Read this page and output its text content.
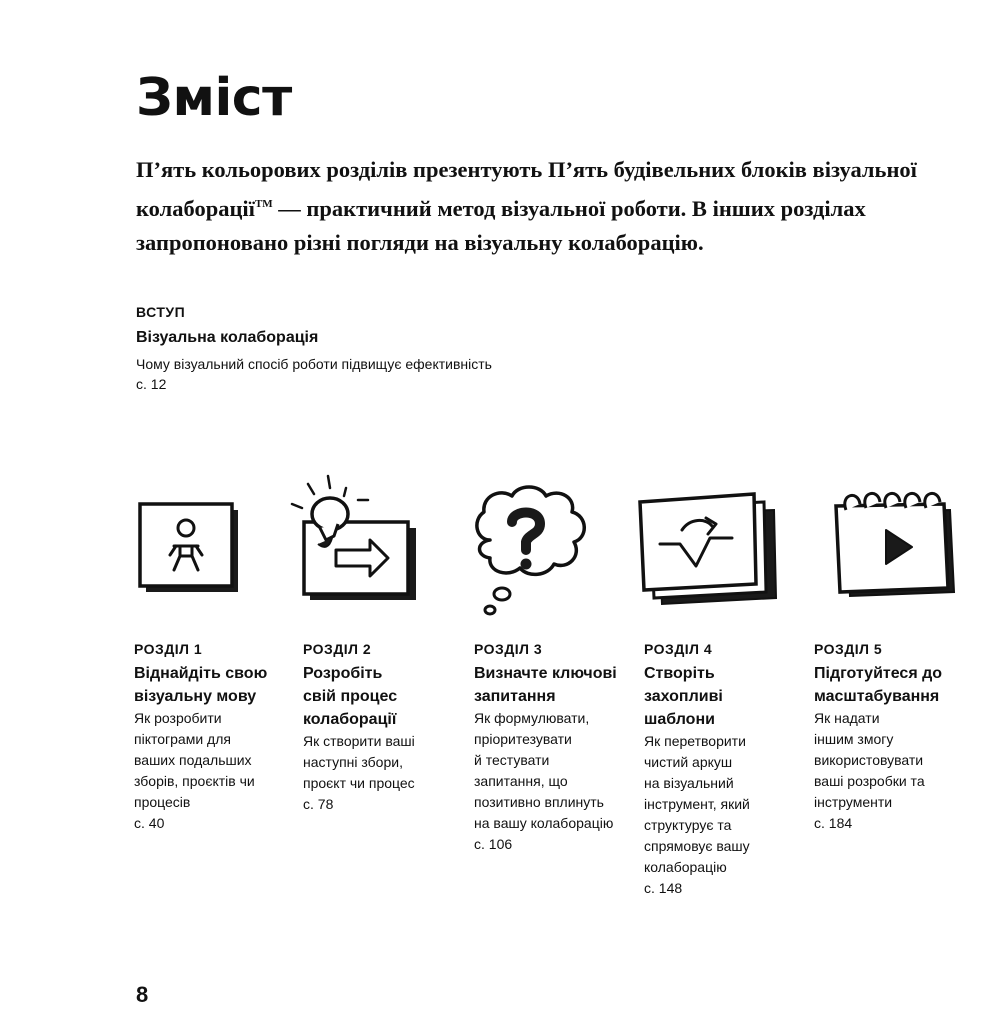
Зміст

П’ять кольорових розділів презентують П’ять будівельних блоків візуальної колаборації™ — практичний метод візуальної роботи. В інших розділах запропоновано різні погляди на візуальну колаборацію.

ВСТУП

Візуальна колаборація

Чому візуальний спосіб роботи підвищує ефективність

с. 12

РОЗДІЛ 1

Віднайдіть свою
візуальну мову

Як розробити
піктограми для
ваших подальших
зборів, проєктів чи
процесів

с. 40

РОЗДІЛ 2

Розробіть
свій процес
колаборації

Як створити ваші
наступні збори,
проєкт чи процес

с. 78

РОЗДІЛ 3

Визначте ключові
запитання

Як формулювати,
пріоритезувати
й тестувати
запитання, що
позитивно вплинуть
на вашу колаборацію

с. 106

РОЗДІЛ 4

Створіть
захопливі
шаблони

Як перетворити
чистий аркуш
на візуальний
інструмент, який
структурує та
спрямовує вашу
колаборацію

с. 148

РОЗДІЛ 5

Підготуйтеся до
масштабування

Як надати
іншим змогу
використовувати
ваші розробки та
інструменти

с. 184

8
